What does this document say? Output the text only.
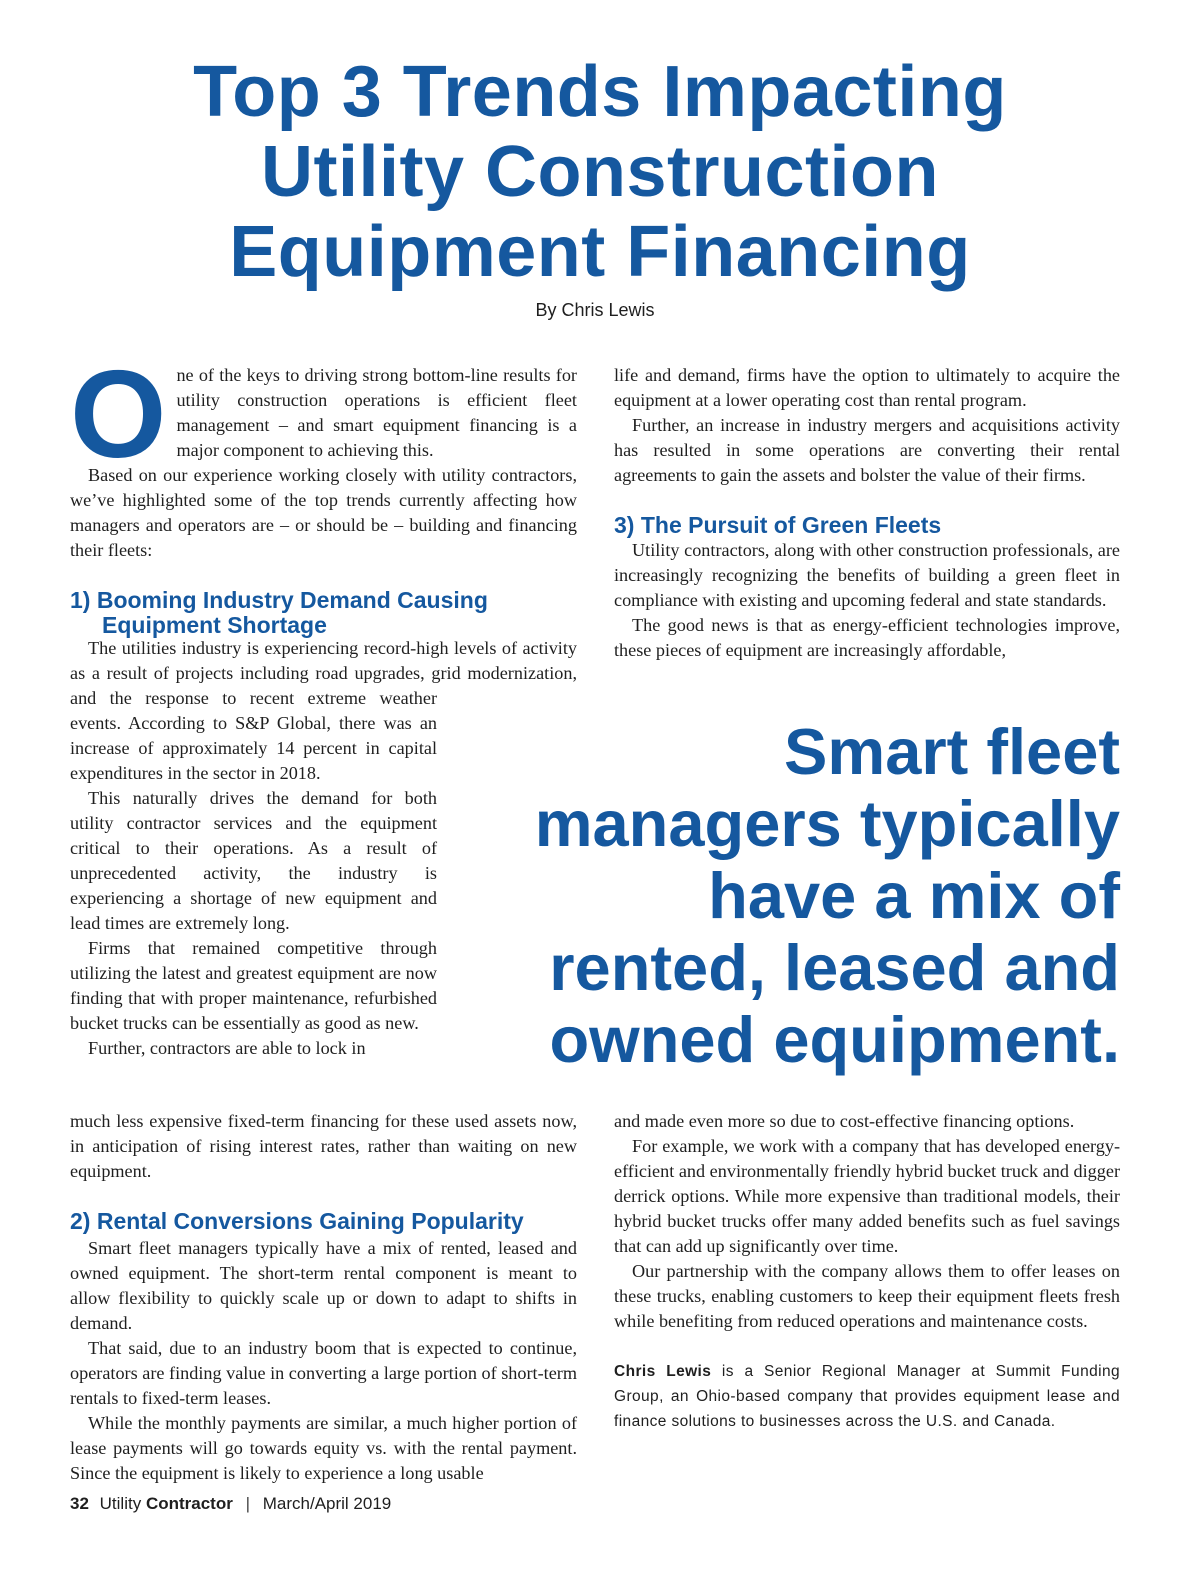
Top 3 Trends Impacting
Utility Construction
Equipment Financing
By Chris Lewis
O ne of the keys to driving strong bottom-line results for utility construction operations is efficient fleet management – and smart equipment financing is a major component to achieving this.

Based on our experience working closely with utility contractors, we’ve highlighted some of the top trends currently affecting how managers and operators are – or should be – building and financing their fleets:

1) Booming Industry Demand Causing
Equipment Shortage

The utilities industry is experiencing record-high levels of activity as a result of projects including road upgrades, grid modernization, and the response to recent extreme weather events. According to S&P Global, there was an increase of approximately 14 percent in capital expenditures in the sector in 2018.

This naturally drives the demand for both utility contractor services and the equipment critical to their operations. As a result of unprecedented activity, the industry is experiencing a shortage of new equipment and lead times are extremely long.

Firms that remained competitive through utilizing the latest and greatest equipment are now finding that with proper maintenance, refurbished bucket trucks can be essentially as good as new.

Further, contractors are able to lock in

much less expensive fixed-term financing for these used assets now, in anticipation of rising interest rates, rather than waiting on new equipment.

2) Rental Conversions Gaining Popularity

Smart fleet managers typically have a mix of rented, leased and owned equipment. The short-term rental component is meant to allow flexibility to quickly scale up or down to adapt to shifts in demand.

That said, due to an industry boom that is expected to continue, operators are finding value in converting a large portion of short-term rentals to fixed-term leases.

While the monthly payments are similar, a much higher portion of lease payments will go towards equity vs. with the rental payment. Since the equipment is likely to experience a long usable

life and demand, firms have the option to ultimately to acquire the equipment at a lower operating cost than rental program.

Further, an increase in industry mergers and acquisitions activity has resulted in some operations are converting their rental agreements to gain the assets and bolster the value of their firms.

3) The Pursuit of Green Fleets

Utility contractors, along with other construction professionals, are increasingly recognizing the benefits of building a green fleet in compliance with existing and upcoming federal and state standards.

The good news is that as energy-efficient technologies improve, these pieces of equipment are increasingly affordable,

Smart fleet
managers typically
have a mix of
rented, leased and
owned equipment.

and made even more so due to cost-effective financing options.

For example, we work with a company that has developed energy-efficient and environmentally friendly hybrid bucket truck and digger derrick options. While more expensive than traditional models, their hybrid bucket trucks offer many added benefits such as fuel savings that can add up significantly over time.

Our partnership with the company allows them to offer leases on these trucks, enabling customers to keep their equipment fleets fresh while benefiting from reduced operations and maintenance costs.

Chris Lewis is a Senior Regional Manager at Summit Funding Group, an Ohio-based company that provides equipment lease and finance solutions to businesses across the U.S. and Canada.
32 Utility Contractor | March/April 2019
